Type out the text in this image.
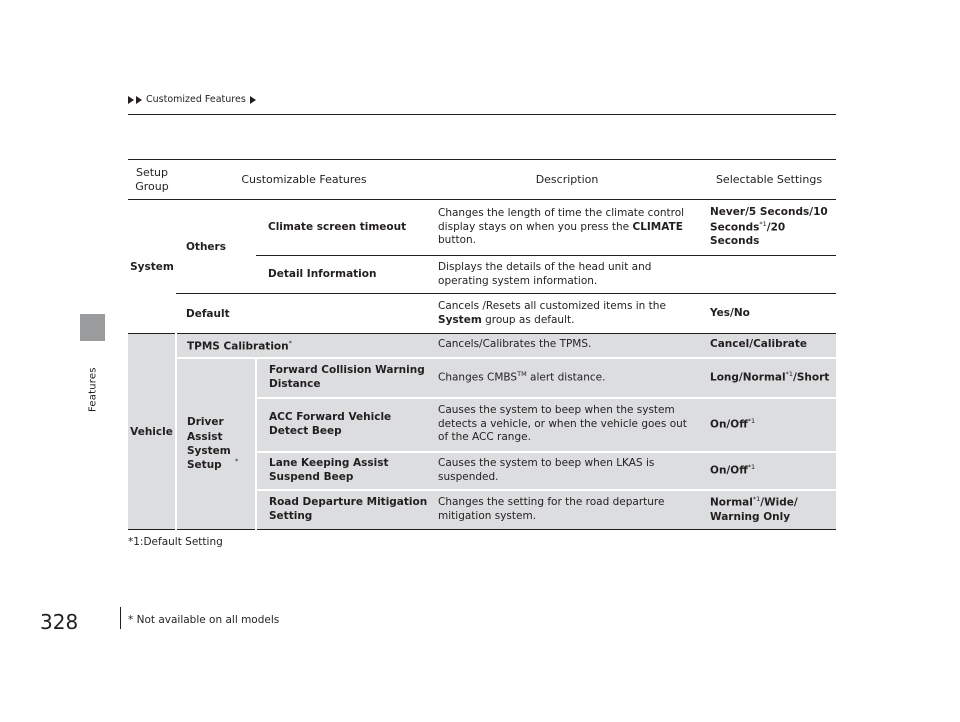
Customized Features
Features
Setup Group	Customizable Features		Description	Selectable Settings
System	Others	Climate screen timeout	Changes the length of time the climate control display stays on when you press the CLIMATE button.	Never/5 Seconds/10 Seconds$^{*1}$/20 Seconds
		Detail Information	Displays the details of the head unit and operating system information.	
	Default		Cancels /Resets all customized items in the System group as default.	Yes/No
Vehicle	TPMS Calibration*		Cancels/Calibrates the TPMS.	Cancel/Calibrate
	Driver Assist System Setup *	Forward Collision Warning Distance	Changes CMBS™ alert distance.	Long/Normal$^{*1}$/Short
		ACC Forward Vehicle Detect Beep	Causes the system to beep when the system detects a vehicle, or when the vehicle goes out of the ACC range.	On/Off$^{*1}$
		Lane Keeping Assist Suspend Beep	Causes the system to beep when LKAS is suspended.	On/Off$^{*1}$
		Road Departure Mitigation Setting	Changes the setting for the road departure mitigation system.	Normal$^{*1}$/Wide/
Warning Only
*1:Default Setting
328	* Not available on all models
